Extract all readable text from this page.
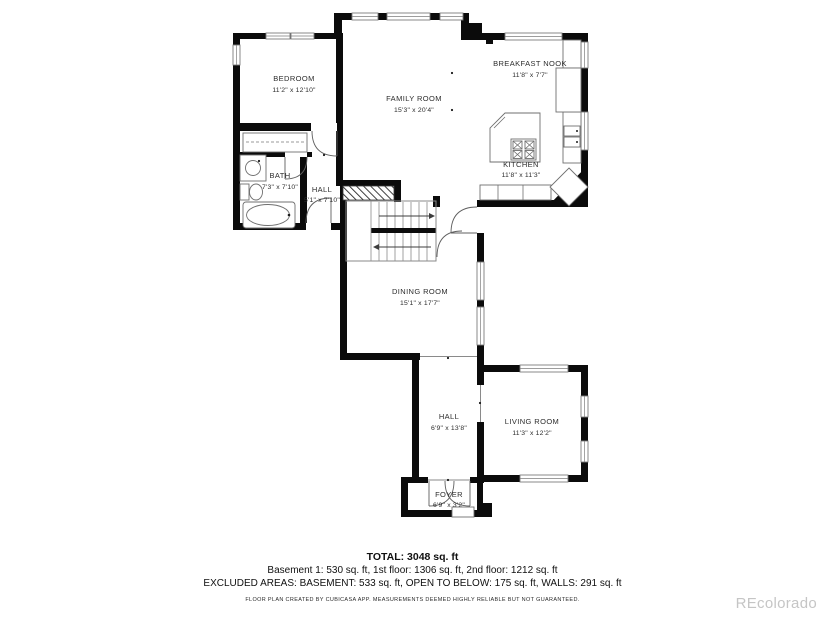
BEDROOM
11'2" x 12'10"
BATH
7'3" x 7'10" HALL
5'1" x 7'10"
FAMILY ROOM
15'3" x 20'4"
BREAKFAST NOOK
11'8" x 7'7"
KITCHEN
11'8" x 11'3"
DINING ROOM
15'1" x 17'7"
HALL
6'9" x 13'8"
LIVING ROOM
11'3" x 12'2"
FOYER
6'9" x 3'2"
TOTAL: 3048 sq. ft
Basement 1: 530 sq. ft, 1st floor: 1306 sq. ft, 2nd floor: 1212 sq. ft
EXCLUDED AREAS: BASEMENT: 533 sq. ft, OPEN TO BELOW: 175 sq. ft, WALLS: 291 sq. ft
FLOOR PLAN CREATED BY CUBICASA APP. MEASUREMENTS DEEMED HIGHLY RELIABLE BUT NOT GUARANTEED.	REcolorado
